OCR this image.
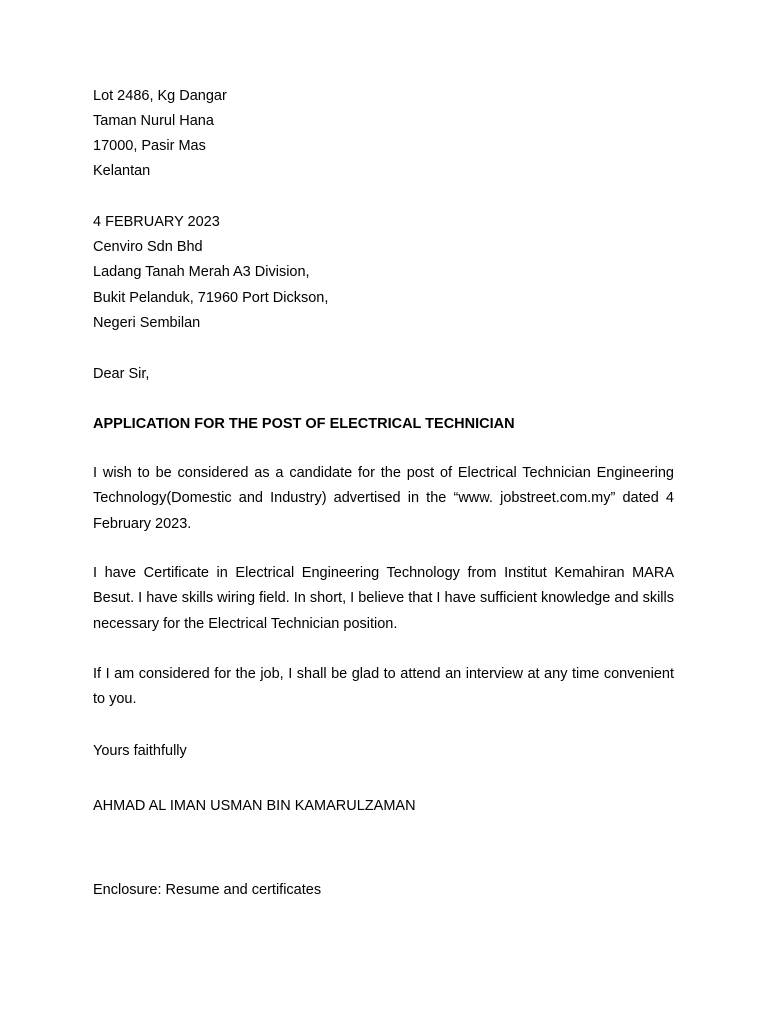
Lot 2486, Kg Dangar
Taman Nurul Hana
17000, Pasir Mas
Kelantan
4 FEBRUARY 2023
Cenviro Sdn Bhd
Ladang Tanah Merah A3 Division,
Bukit Pelanduk, 71960 Port Dickson,
Negeri Sembilan
Dear Sir,
APPLICATION FOR THE POST OF ELECTRICAL TECHNICIAN
I wish to be considered as a candidate for the post of Electrical Technician Engineering Technology(Domestic and Industry) advertised in the “www. jobstreet.com.my” dated 4 February 2023.
I have Certificate in Electrical Engineering Technology from Institut Kemahiran MARA Besut. I have skills wiring field. In short, I believe that I have sufficient knowledge and skills necessary for the Electrical Technician position.
If I am considered for the job, I shall be glad to attend an interview at any time convenient to you.
Yours faithfully
AHMAD AL IMAN USMAN BIN KAMARULZAMAN
Enclosure: Resume and certificates
